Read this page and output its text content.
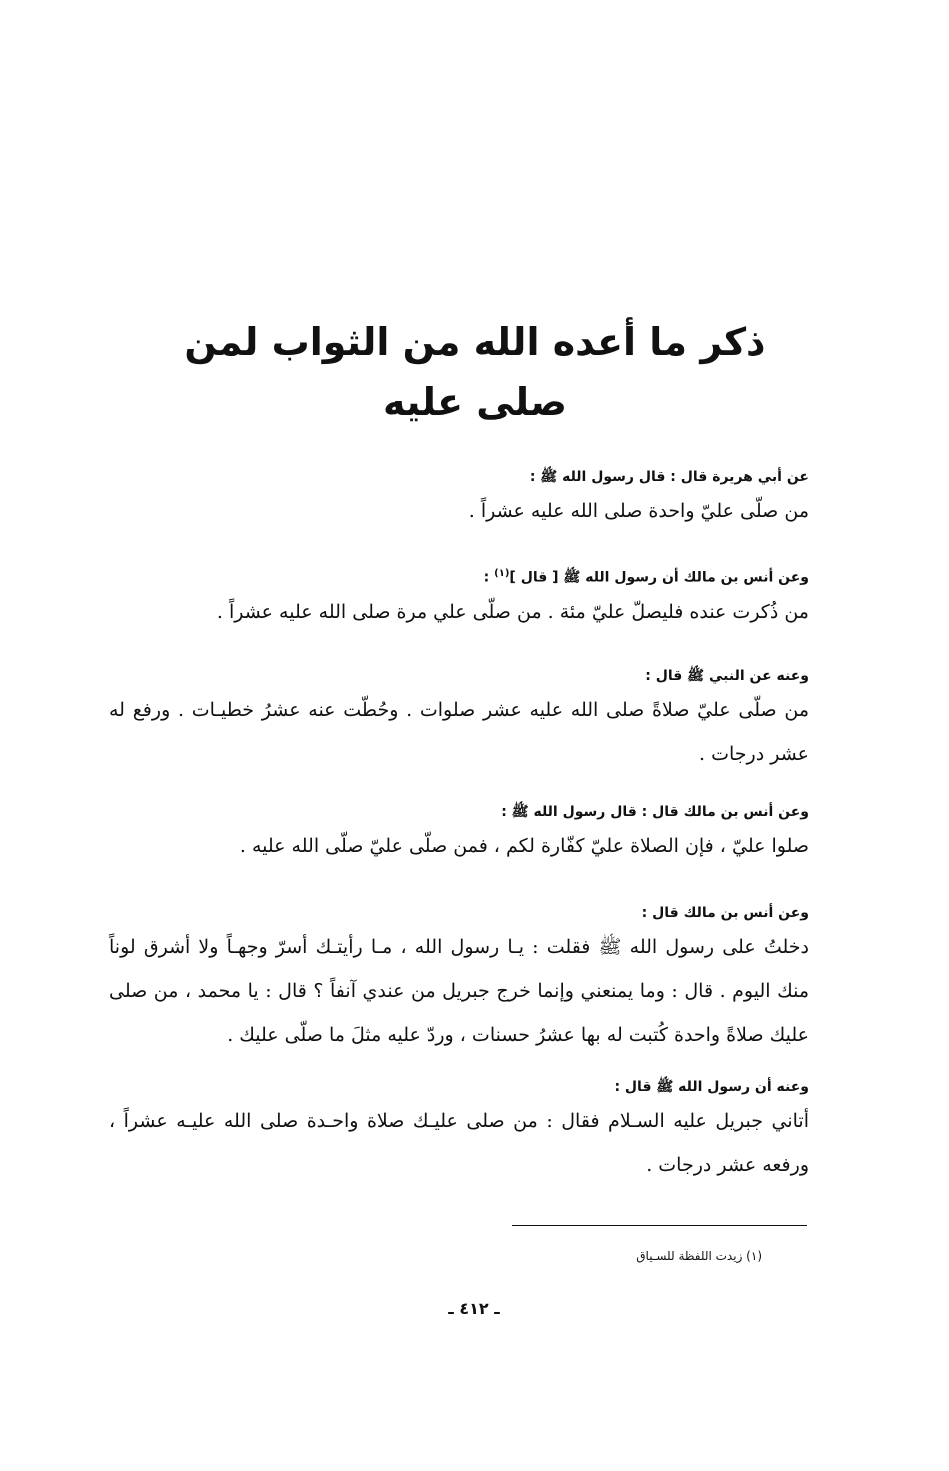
ذكر ما أعده الله من الثواب لمن صلى عليه

عن أبي هريرة قال : قال رسول الله ﷺ :

من صلّى عليّ واحدة صلى الله عليه عشراً .

وعن أنس بن مالك أن رسول الله ﷺ [ قال ]$^{(١)}$ :

من ذُكرت عنده فليصلّ عليّ مئة . من صلّى علي مرة صلى الله عليه عشراً .

وعنه عن النبي ﷺ قال :

من صلّى عليّ صلاةً صلى الله عليه عشر صلوات . وحُطّت عنه عشرُ خطيـات . ورفع له عشر درجات .

وعن أنس بن مالك قال : قال رسول الله ﷺ :

صلوا عليّ ، فإن الصلاة عليّ كفّارة لكم ، فمن صلّى عليّ صلّى الله عليه .

وعن أنس بن مالك قال :

دخلتُ على رسول الله ﷺ فقلت : يـا رسول الله ، مـا رأيتـك أسرّ وجهـاً ولا أشرق لوناً منك اليوم . قال : وما يمنعني وإنما خرج جبريل من عندي آنفاً ؟ قال : يا محمد ، من صلى عليك صلاةً واحدة كُتبت له بها عشرُ حسنات ، وردّ عليه مثلَ ما صلّى عليك .

وعنه أن رسول الله ﷺ قال :

أتاني جبريل عليه السـلام فقال : من صلى عليـك صلاة واحـدة صلى الله عليـه عشراً ، ورفعه عشر درجات .

(١) زيدت اللفظة للسـياق

ـ ٤١٢ ـ
